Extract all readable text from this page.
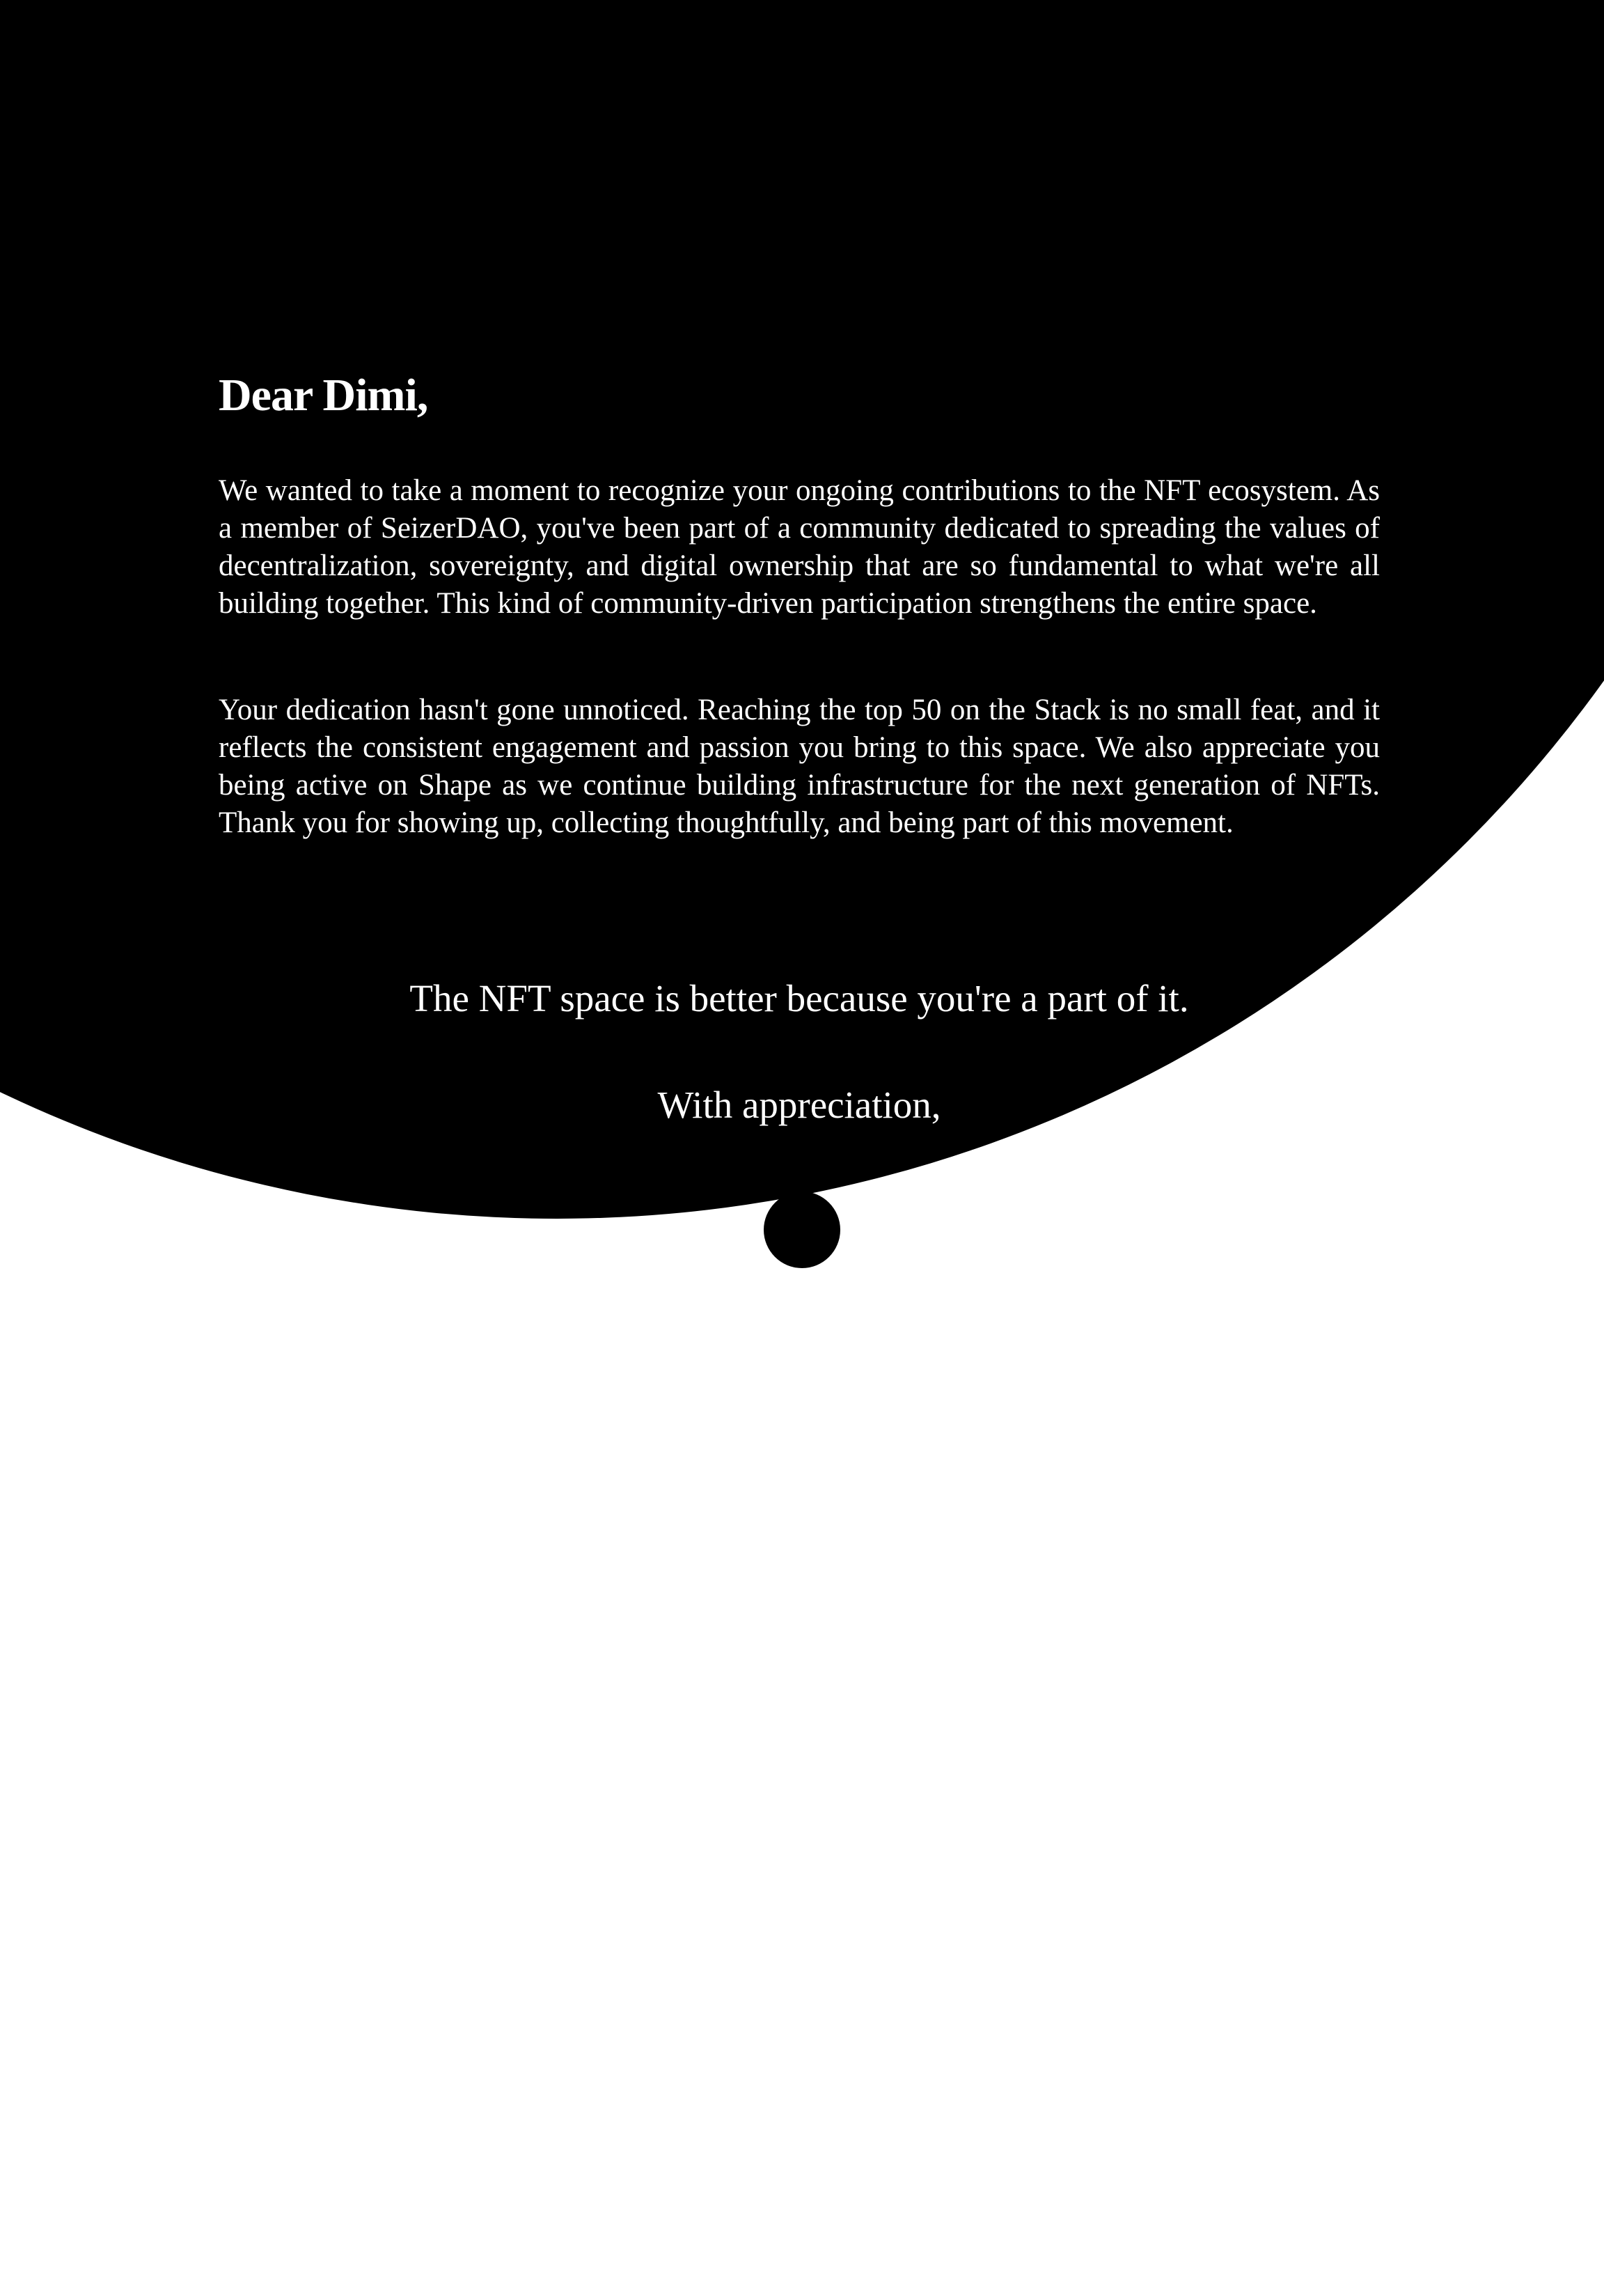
Dear Dimi,

We wanted to take a moment to recognize your ongoing contributions to the NFT ecosystem. As a member of SeizerDAO, you've been part of a community dedicated to spreading the values of decentralization, sovereignty, and digital ownership that are so fundamental to what we're all building together. This kind of community-driven participation strengthens the entire space.

Your dedication hasn't gone unnoticed. Reaching the top 50 on the Stack is no small feat, and it reflects the consistent engagement and passion you bring to this space. We also appreciate you being active on Shape as we continue building infrastructure for the next generation of NFTs. Thank you for showing up, collecting thoughtfully, and being part of this movement.

The NFT space is better because you're a part of it.

With appreciation,
